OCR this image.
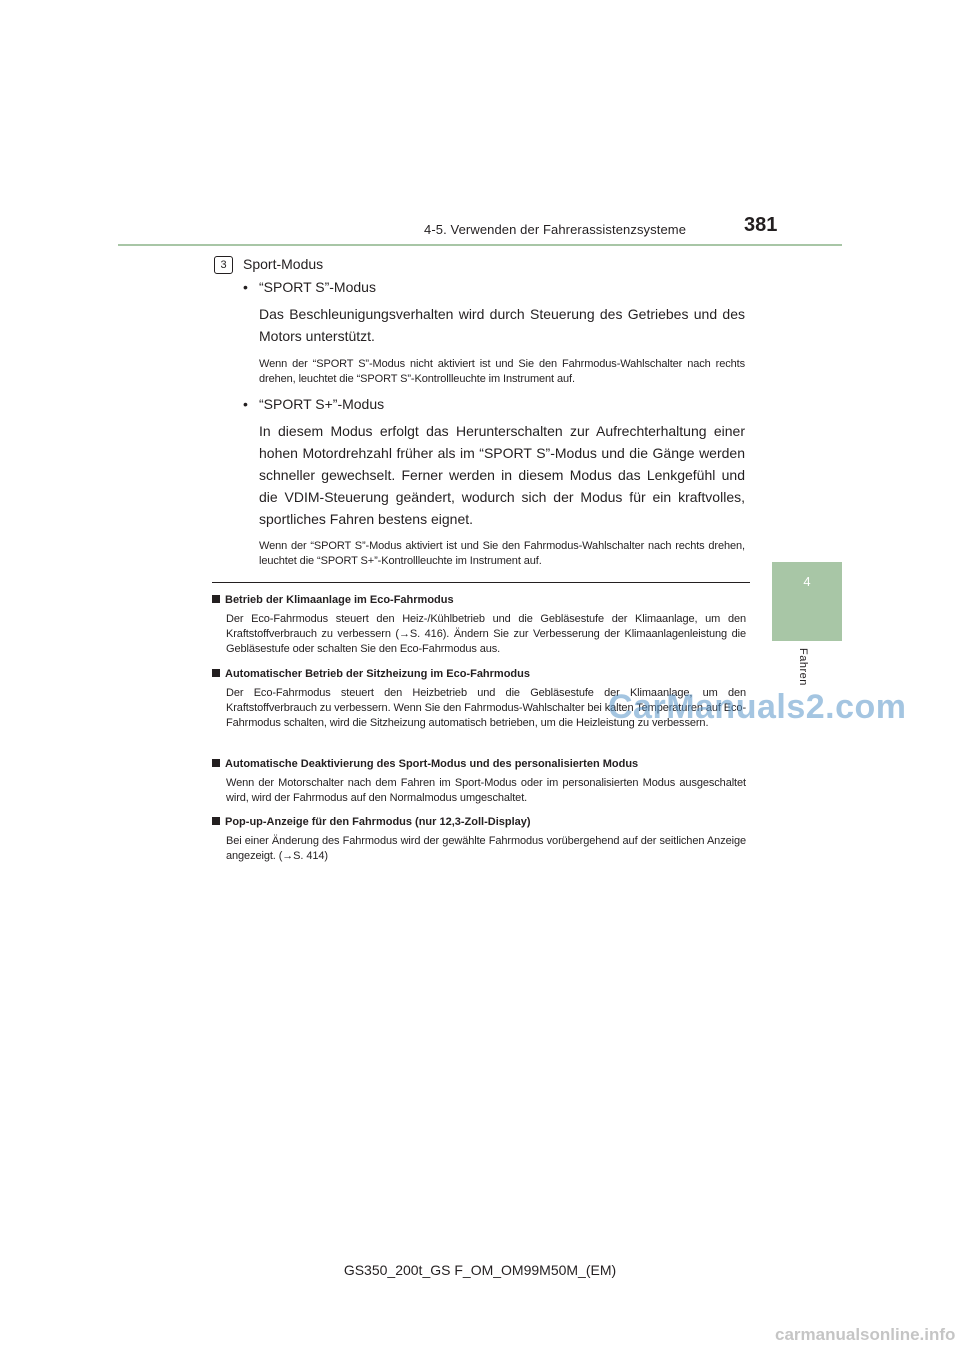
4-5. Verwenden der Fahrerassistenzsysteme	381
4
Fahren
3	Sport-Modus
• “SPORT S”-Modus
Das Beschleunigungsverhalten wird durch Steuerung des Getriebes und des Motors unterstützt.
Wenn der “SPORT S”-Modus nicht aktiviert ist und Sie den Fahrmodus-Wahlschalter nach rechts drehen, leuchtet die “SPORT S”-Kontrollleuchte im Instrument auf.
• “SPORT S+”-Modus
In diesem Modus erfolgt das Herunterschalten zur Aufrechterhaltung einer hohen Motordrehzahl früher als im “SPORT S”-Modus und die Gänge werden schneller gewechselt. Ferner werden in diesem Modus das Lenkgefühl und die VDIM-Steuerung geändert, wodurch sich der Modus für ein kraftvolles, sportliches Fahren bestens eignet.
Wenn der “SPORT S”-Modus aktiviert ist und Sie den Fahrmodus-Wahlschalter nach rechts drehen, leuchtet die “SPORT S+”-Kontrollleuchte im Instrument auf.
Betrieb der Klimaanlage im Eco-Fahrmodus
Der Eco-Fahrmodus steuert den Heiz-/Kühlbetrieb und die Gebläsestufe der Klimaanlage, um den Kraftstoffverbrauch zu verbessern (→S. 416). Ändern Sie zur Verbesserung der Klimaanlagenleistung die Gebläsestufe oder schalten Sie den Eco-Fahrmodus aus.
Automatischer Betrieb der Sitzheizung im Eco-Fahrmodus
Der Eco-Fahrmodus steuert den Heizbetrieb und die Gebläsestufe der Klimaanlage, um den Kraftstoffverbrauch zu verbessern. Wenn Sie den Fahrmodus-Wahlschalter bei kalten Temperaturen auf Eco-Fahrmodus schalten, wird die Sitzheizung automatisch betrieben, um die Heizleistung zu verbessern.
Automatische Deaktivierung des Sport-Modus und des personalisierten Modus
Wenn der Motorschalter nach dem Fahren im Sport-Modus oder im personalisierten Modus ausgeschaltet wird, wird der Fahrmodus auf den Normalmodus umgeschaltet.
Pop-up-Anzeige für den Fahrmodus (nur 12,3-Zoll-Display)
Bei einer Änderung des Fahrmodus wird der gewählte Fahrmodus vorübergehend auf der seitlichen Anzeige angezeigt. (→S. 414)
GS350_200t_GS F_OM_OM99M50M_(EM)
CarManuals2.com
carmanualsonline.info
